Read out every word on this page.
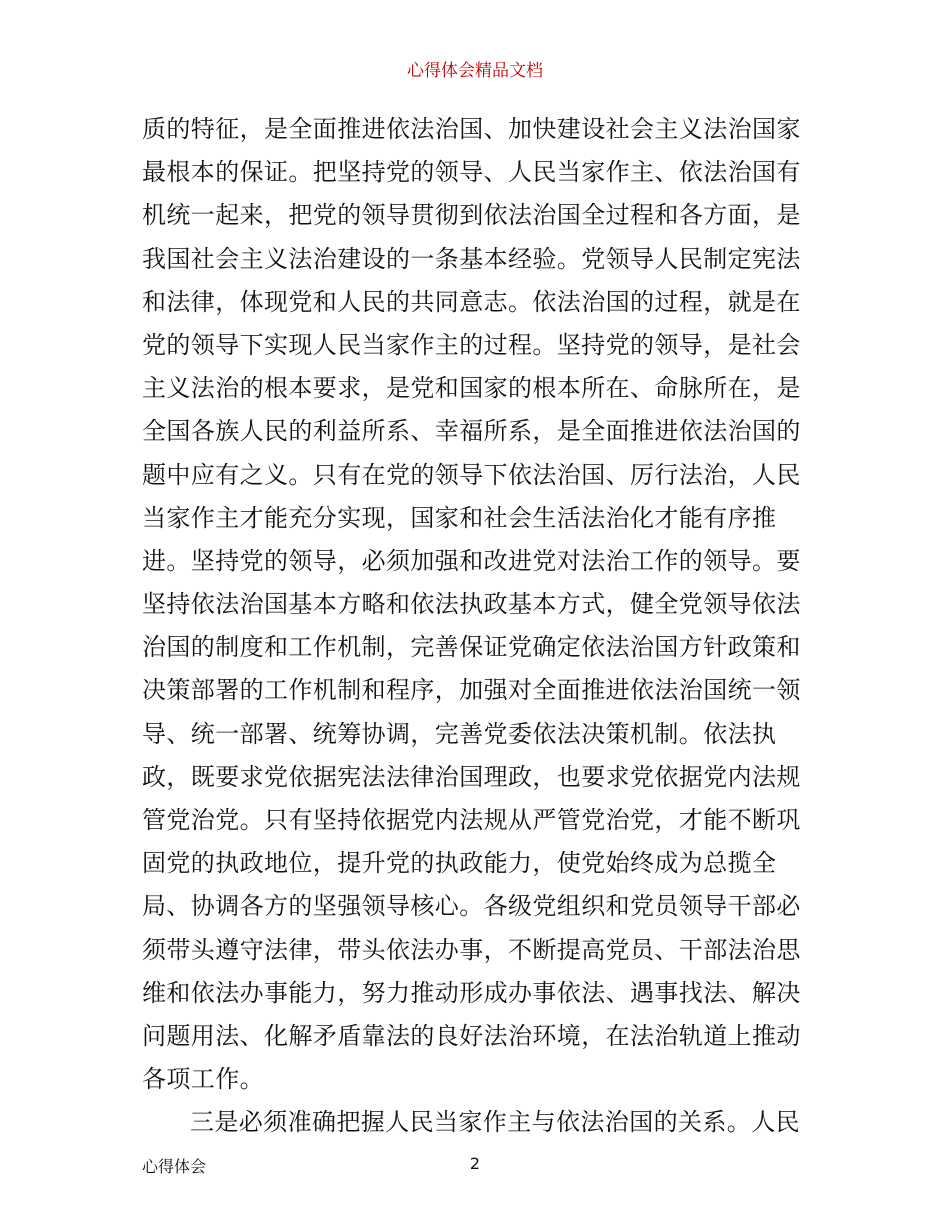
心得体会精品文档
质的特征，是全面推进依法治国、加快建设社会主义法治国家
最根本的保证。把坚持党的领导、人民当家作主、依法治国有
机统一起来，把党的领导贯彻到依法治国全过程和各方面，是
我国社会主义法治建设的一条基本经验。党领导人民制定宪法
和法律，体现党和人民的共同意志。依法治国的过程，就是在
党的领导下实现人民当家作主的过程。坚持党的领导，是社会
主义法治的根本要求，是党和国家的根本所在、命脉所在，是
全国各族人民的利益所系、幸福所系，是全面推进依法治国的
题中应有之义。只有在党的领导下依法治国、厉行法治，人民
当家作主才能充分实现，国家和社会生活法治化才能有序推
进。坚持党的领导，必须加强和改进党对法治工作的领导。要
坚持依法治国基本方略和依法执政基本方式，健全党领导依法
治国的制度和工作机制，完善保证党确定依法治国方针政策和
决策部署的工作机制和程序，加强对全面推进依法治国统一领
导、统一部署、统筹协调，完善党委依法决策机制。依法执
政，既要求党依据宪法法律治国理政，也要求党依据党内法规
管党治党。只有坚持依据党内法规从严管党治党，才能不断巩
固党的执政地位，提升党的执政能力，使党始终成为总揽全
局、协调各方的坚强领导核心。各级党组织和党员领导干部必
须带头遵守法律，带头依法办事，不断提高党员、干部法治思
维和依法办事能力，努力推动形成办事依法、遇事找法、解决
问题用法、化解矛盾靠法的良好法治环境，在法治轨道上推动
各项工作。
三是必须准确把握人民当家作主与依法治国的关系。人民
心得体会	2
